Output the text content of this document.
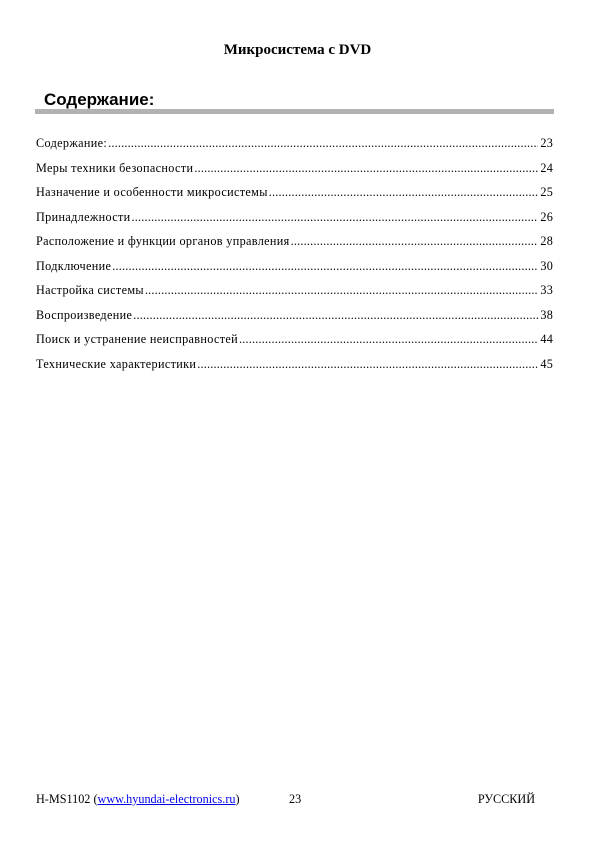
Микросистема с DVD
Содержание:
Содержание: .....	23
Меры техники безопасности .....	24
Назначение и особенности микросистемы .....	25
Принадлежности .....	26
Расположение и функции органов управления .....	28
Подключение .....	30
Настройка системы .....	33
Воспроизведение .....	38
Поиск и устранение неисправностей .....	44
Технические характеристики .....	45
H-MS1102 (www.hyundai-electronics.ru)	23	РУССКИЙ
